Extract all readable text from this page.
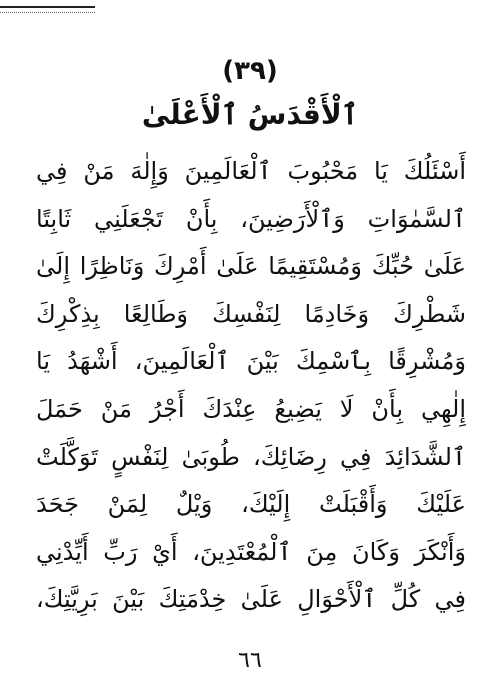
(٣٩)
ٱلْأَقْدَسُ ٱلْأَعْلَىٰ
أَسْئَلُكَ يَا مَحْبُوبَ ٱلْعَالَمِينَ وَإِلٰهَ مَنْ فِي
ٱلسَّمٰوَاتِ وَٱلْأَرَضِينَ، بِأَنْ تَجْعَلَنِي ثَابِتًا
عَلَىٰ حُبِّكَ وَمُسْتَقِيمًا عَلَىٰ أَمْرِكَ وَنَاظِرًا إِلَىٰ
شَطْرِكَ وَخَادِمًا لِنَفْسِكَ وَطَالِعًا بِذِكْرِكَ
وَمُشْرِقًا بِٱسْمِكَ بَيْنَ ٱلْعَالَمِينَ، أَشْهَدُ يَا
إِلٰهِي بِأَنْ لَا يَضِيعُ عِنْدَكَ أَجْرُ مَنْ حَمَلَ
ٱلشَّدَائِدَ فِي رِضَائِكَ، طُوبَىٰ لِنَفْسٍ تَوَكَّلَتْ
عَلَيْكَ وَأَقْبَلَتْ إِلَيْكَ، وَيْلٌ لِمَنْ جَحَدَ
وَأَنْكَرَ وَكَانَ مِنَ ٱلْمُعْتَدِينَ، أَيْ رَبِّ أَيِّدْنِي
فِي كُلِّ ٱلْأَحْوَالِ عَلَىٰ خِدْمَتِكَ بَيْنَ بَرِيَّتِكَ،
٦٦
